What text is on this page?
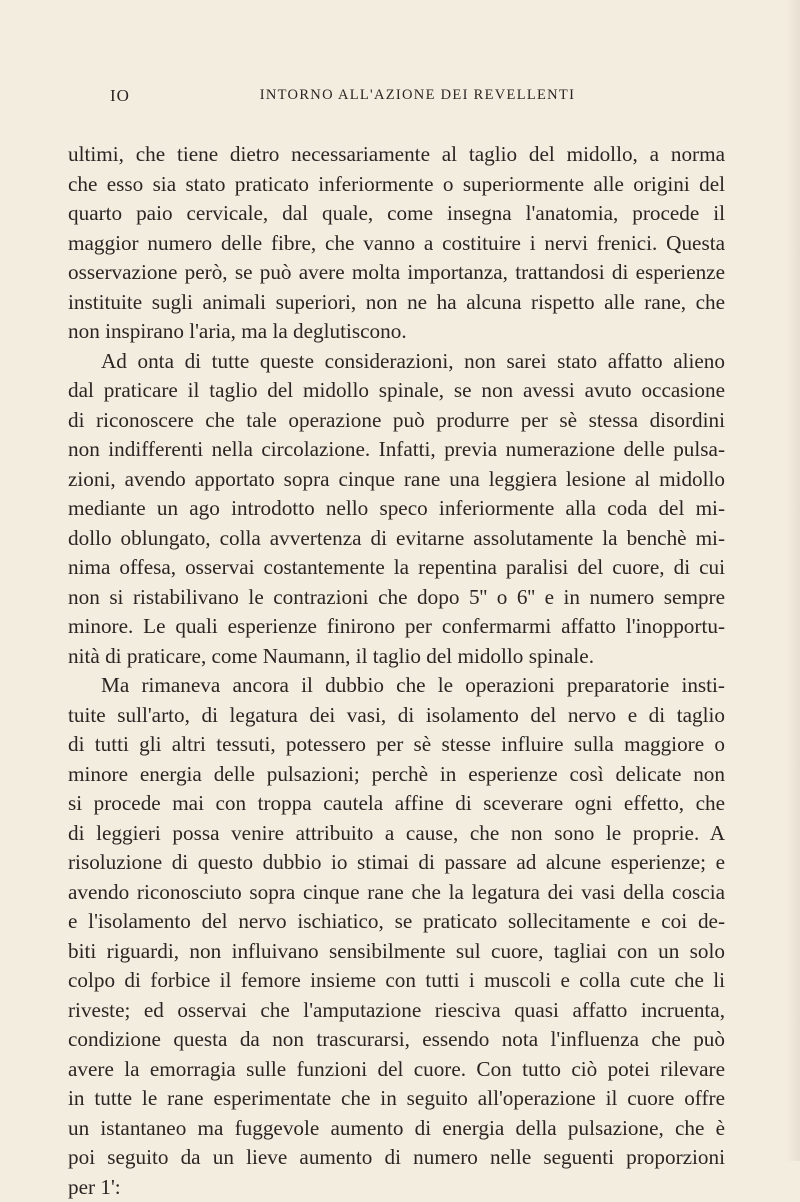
IO	INTORNO ALL'AZIONE DEI REVELLENTI
ultimi, che tiene dietro necessariamente al taglio del midollo, a norma
che esso sia stato praticato inferiormente o superiormente alle origini del
quarto paio cervicale, dal quale, come insegna l'anatomia, procede il
maggior numero delle fibre, che vanno a costituire i nervi frenici. Questa
osservazione però, se può avere molta importanza, trattandosi di esperienze
instituite sugli animali superiori, non ne ha alcuna rispetto alle rane, che
non inspirano l'aria, ma la deglutiscono.
Ad onta di tutte queste considerazioni, non sarei stato affatto alieno
dal praticare il taglio del midollo spinale, se non avessi avuto occasione
di riconoscere che tale operazione può produrre per sè stessa disordini
non indifferenti nella circolazione. Infatti, previa numerazione delle pulsa-
zioni, avendo apportato sopra cinque rane una leggiera lesione al midollo
mediante un ago introdotto nello speco inferiormente alla coda del mi-
dollo oblungato, colla avvertenza di evitarne assolutamente la benchè mi-
nima offesa, osservai costantemente la repentina paralisi del cuore, di cui
non si ristabilivano le contrazioni che dopo 5'' o 6'' e in numero sempre
minore. Le quali esperienze finirono per confermarmi affatto l'inopportu-
nità di praticare, come Naumann, il taglio del midollo spinale.
Ma rimaneva ancora il dubbio che le operazioni preparatorie insti-
tuite sull'arto, di legatura dei vasi, di isolamento del nervo e di taglio
di tutti gli altri tessuti, potessero per sè stesse influire sulla maggiore o
minore energia delle pulsazioni; perchè in esperienze così delicate non
si procede mai con troppa cautela affine di sceverare ogni effetto, che
di leggieri possa venire attribuito a cause, che non sono le proprie. A
risoluzione di questo dubbio io stimai di passare ad alcune esperienze; e
avendo riconosciuto sopra cinque rane che la legatura dei vasi della coscia
e l'isolamento del nervo ischiatico, se praticato sollecitamente e coi de-
biti riguardi, non influivano sensibilmente sul cuore, tagliai con un solo
colpo di forbice il femore insieme con tutti i muscoli e colla cute che li
riveste; ed osservai che l'amputazione riesciva quasi affatto incruenta,
condizione questa da non trascurarsi, essendo nota l'influenza che può
avere la emorragia sulle funzioni del cuore. Con tutto ciò potei rilevare
in tutte le rane esperimentate che in seguito all'operazione il cuore offre
un istantaneo ma fuggevole aumento di energia della pulsazione, che è
poi seguito da un lieve aumento di numero nelle seguenti proporzioni
per 1':
